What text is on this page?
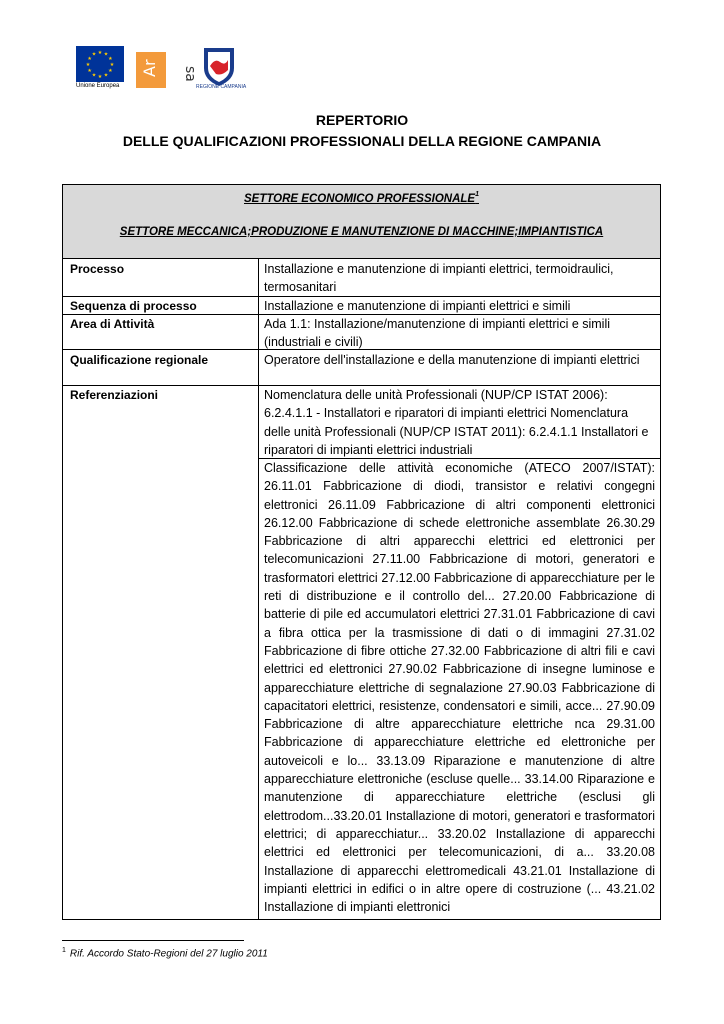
★ ★
★
★
★
★
★
★
★
★
★
★
Unione Europea
Ar sa
REGIONE CAMPANIA
REPERTORIO
DELLE QUALIFICAZIONI PROFESSIONALI DELLA REGIONE CAMPANIA
SETTORE ECONOMICO PROFESSIONALE$^1$
SETTORE MECCANICA;PRODUZIONE E MANUTENZIONE DI MACCHINE;IMPIANTISTICA
Processo	Installazione e manutenzione di impianti elettrici, termoidraulici, termosanitari
Sequenza di processo	Installazione e manutenzione di impianti elettrici e simili
Area di Attività	Ada 1.1: Installazione/manutenzione di impianti elettrici e simili (industriali e civili)
Qualificazione regionale	Operatore dell'installazione e della manutenzione di impianti elettrici
Referenziazioni	Nomenclatura delle unità Professionali (NUP/CP ISTAT 2006): 6.2.4.1.1 - Installatori e riparatori di impianti elettrici Nomenclatura delle unità Professionali (NUP/CP ISTAT 2011): 6.2.4.1.1 Installatori e riparatori di impianti elettrici industriali
Classificazione delle attività economiche (ATECO 2007/ISTAT): 26.11.01 Fabbricazione di diodi, transistor e relativi congegni elettronici 26.11.09 Fabbricazione di altri componenti elettronici 26.12.00 Fabbricazione di schede elettroniche assemblate 26.30.29 Fabbricazione di altri apparecchi elettrici ed elettronici per telecomunicazioni 27.11.00 Fabbricazione di motori, generatori e trasformatori elettrici 27.12.00 Fabbricazione di apparecchiature per le reti di distribuzione e il controllo del... 27.20.00 Fabbricazione di batterie di pile ed accumulatori elettrici 27.31.01 Fabbricazione di cavi a fibra ottica per la trasmissione di dati o di immagini 27.31.02 Fabbricazione di fibre ottiche 27.32.00 Fabbricazione di altri fili e cavi elettrici ed elettronici 27.90.02 Fabbricazione di insegne luminose e apparecchiature elettriche di segnalazione 27.90.03 Fabbricazione di capacitatori elettrici, resistenze, condensatori e simili, acce... 27.90.09 Fabbricazione di altre apparecchiature elettriche nca 29.31.00 Fabbricazione di apparecchiature elettriche ed elettroniche per autoveicoli e lo... 33.13.09 Riparazione e manutenzione di altre apparecchiature elettroniche (escluse quelle... 33.14.00 Riparazione e manutenzione di apparecchiature elettriche (esclusi gli elettrodom...33.20.01 Installazione di motori, generatori e trasformatori elettrici; di apparecchiatur... 33.20.02 Installazione di apparecchi elettrici ed elettronici per telecomunicazioni, di a... 33.20.08 Installazione di apparecchi elettromedicali 43.21.01 Installazione di impianti elettrici in edifici o in altre opere di costruzione (... 43.21.02 Installazione di impianti elettronici
$^1$ Rif. Accordo Stato-Regioni del 27 luglio 2011
